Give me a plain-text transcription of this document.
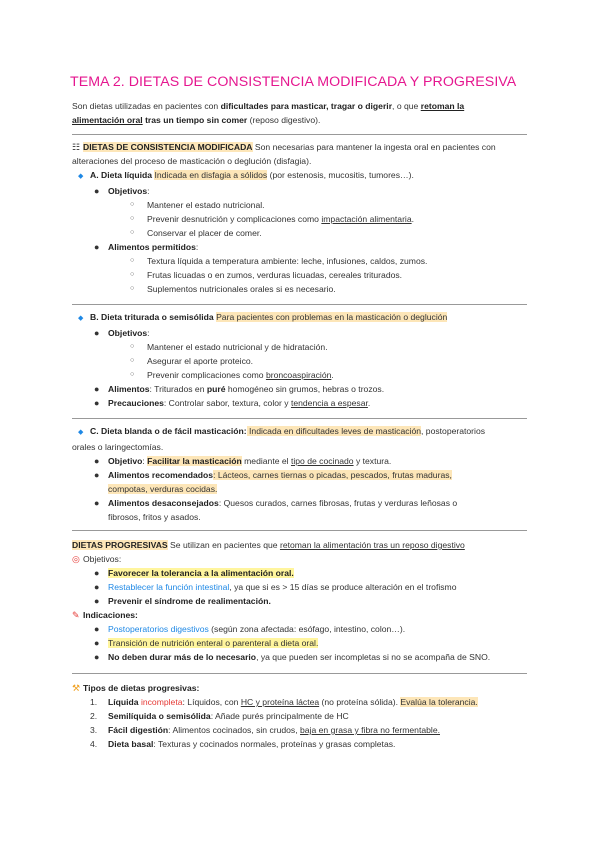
TEMA 2. DIETAS DE CONSISTENCIA MODIFICADA Y PROGRESIVA
Son dietas utilizadas en pacientes con dificultades para masticar, tragar o digerir, o que retoman la
alimentación oral tras un tiempo sin comer (reposo digestivo).
☷ DIETAS DE CONSISTENCIA MODIFICADA Son necesarias para mantener la ingesta oral en pacientes con
alteraciones del proceso de masticación o deglución (disfagia).
◆ A. Dieta líquida Indicada en disfagia a sólidos (por estenosis, mucositis, tumores…).
● Objetivos:
○ Mantener el estado nutricional.
○ Prevenir desnutrición y complicaciones como impactación alimentaria.
○ Conservar el placer de comer.
● Alimentos permitidos:
○ Textura líquida a temperatura ambiente: leche, infusiones, caldos, zumos.
○ Frutas licuadas o en zumos, verduras licuadas, cereales triturados.
○ Suplementos nutricionales orales si es necesario.
◆ B. Dieta triturada o semisólida Para pacientes con problemas en la masticación o deglución
● Objetivos:
○ Mantener el estado nutricional y de hidratación.
○ Asegurar el aporte proteico.
○ Prevenir complicaciones como broncoaspiración.
● Alimentos: Triturados en puré homogéneo sin grumos, hebras o trozos.
● Precauciones: Controlar sabor, textura, color y tendencia a espesar.
◆ C. Dieta blanda o de fácil masticación: Indicada en dificultades leves de masticación, postoperatorios
orales o laringectomías.
● Objetivo: Facilitar la masticación mediante el tipo de cocinado y textura.
● Alimentos recomendados: Lácteos, carnes tiernas o picadas, pescados, frutas maduras,
compotas, verduras cocidas.
● Alimentos desaconsejados: Quesos curados, carnes fibrosas, frutas y verduras leñosas o
fibrosos, fritos y asados.
DIETAS PROGRESIVAS Se utilizan en pacientes que retoman la alimentación tras un reposo digestivo
◎ Objetivos:
● Favorecer la tolerancia a la alimentación oral.
● Restablecer la función intestinal, ya que si es > 15 días se produce alteración en el trofismo
● Prevenir el síndrome de realimentación.
✎ Indicaciones:
● Postoperatorios digestivos (según zona afectada: esófago, intestino, colon…).
● Transición de nutrición enteral o parenteral a dieta oral.
● No deben durar más de lo necesario, ya que pueden ser incompletas si no se acompaña de SNO.
⚒ Tipos de dietas progresivas:
1. Líquida incompleta: Líquidos, con HC y proteína láctea (no proteína sólida). Evalúa la tolerancia.
2. Semilíquida o semisólida: Añade purés principalmente de HC
3. Fácil digestión: Alimentos cocinados, sin crudos, baja en grasa y fibra no fermentable.
4. Dieta basal: Texturas y cocinados normales, proteínas y grasas completas.
